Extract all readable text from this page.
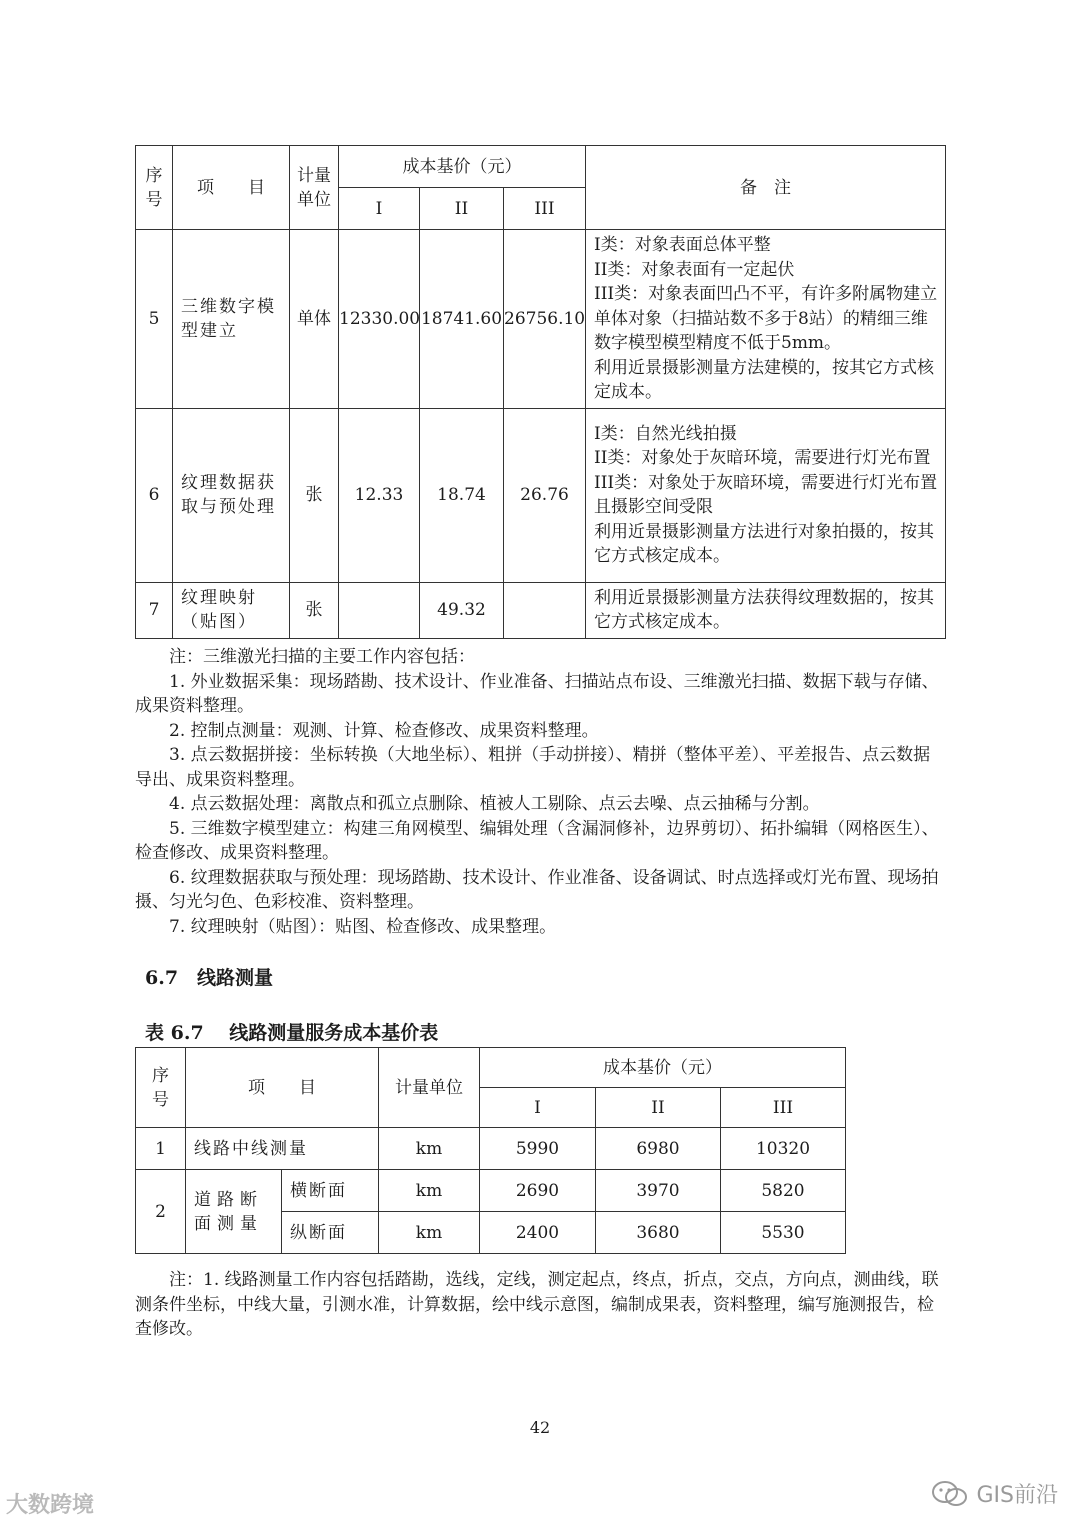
序号	项　　目	计量单位	成本基价（元）			备　注
			I	II	III	
5	三维数字模型建立	单体	12330.00	18741.60	26756.10	I类：对象表面总体平整
II类：对象表面有一定起伏
III类：对象表面凹凸不平，有许多附属物建立单体对象（扫描站数不多于8站）的精细三维数字模型模型精度不低于5mm。
利用近景摄影测量方法建模的，按其它方式核定成本。

6	纹理数据获取与预处理	张	12.33	18.74	26.76	I类：自然光线拍摄
II类：对象处于灰暗环境，需要进行灯光布置
III类：对象处于灰暗环境，需要进行灯光布置且摄影空间受限
利用近景摄影测量方法进行对象拍摄的，按其它方式核定成本。

7	纹理映射（贴图）	张		49.32		利用近景摄影测量方法获得纹理数据的，按其它方式核定成本。

注：三维激光扫描的主要工作内容包括：

1. 外业数据采集：现场踏勘、技术设计、作业准备、扫描站点布设、三维激光扫描、数据下载与存储、成果资料整理。

2. 控制点测量：观测、计算、检查修改、成果资料整理。

3. 点云数据拼接：坐标转换（大地坐标）、粗拼（手动拼接）、精拼（整体平差）、平差报告、点云数据导出、成果资料整理。

4. 点云数据处理：离散点和孤立点删除、植被人工剔除、点云去噪、点云抽稀与分割。

5. 三维数字模型建立：构建三角网模型、编辑处理（含漏洞修补，边界剪切）、拓扑编辑（网格医生）、检查修改、成果资料整理。

6. 纹理数据获取与预处理：现场踏勘、技术设计、作业准备、设备调试、时点选择或灯光布置、现场拍摄、匀光匀色、色彩校准、资料整理。

7. 纹理映射（贴图）：贴图、检查修改、成果整理。

6.7　线路测量
表 6.7　 线路测量服务成本基价表
序号	项　　目		计量单位	成本基价（元）		
				I	II	III
1	线路中线测量		km	5990	6980	10320
2	道路断面测量	横断面	km	2690	3970	5820
		纵断面	km	2400	3680	5530

注：1. 线路测量工作内容包括踏勘，选线，定线，测定起点，终点，折点，交点，方向点，测曲线，联测条件坐标，中线大量，引测水准，计算数据，绘中线示意图，编制成果表，资料整理，编写施测报告，检查修改。

42
大数跨境	GIS前沿
